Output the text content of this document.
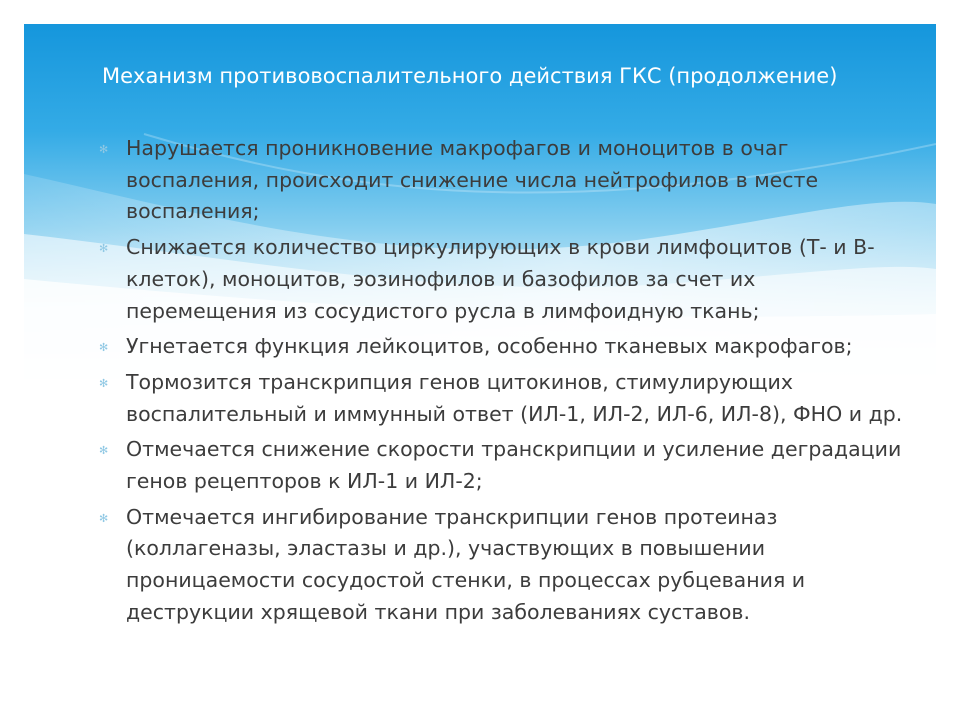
Механизм противовоспалительного действия ГКС (продолжение)
✻ Нарушается проникновение макрофагов и моноцитов в очаг воспаления, происходит снижение числа нейтрофилов в месте воспаления;
✻ Снижается количество циркулирующих в крови лимфоцитов (Т- и В-клеток), моноцитов, эозинофилов и базофилов за счет их перемещения из сосудистого русла в лимфоидную ткань;
✻ Угнетается функция лейкоцитов, особенно тканевых макрофагов;
✻ Тормозится транскрипция генов цитокинов, стимулирующих воспалительный и иммунный ответ (ИЛ-1, ИЛ-2, ИЛ-6, ИЛ-8), ФНО и др.
✻ Отмечается снижение скорости транскрипции и усиление деградации генов рецепторов к ИЛ-1 и ИЛ-2;
✻ Отмечается ингибирование транскрипции генов протеиназ (коллагеназы, эластазы и др.), участвующих в повышении проницаемости сосудостой стенки, в процессах рубцевания и деструкции хрящевой ткани при заболеваниях суставов.
